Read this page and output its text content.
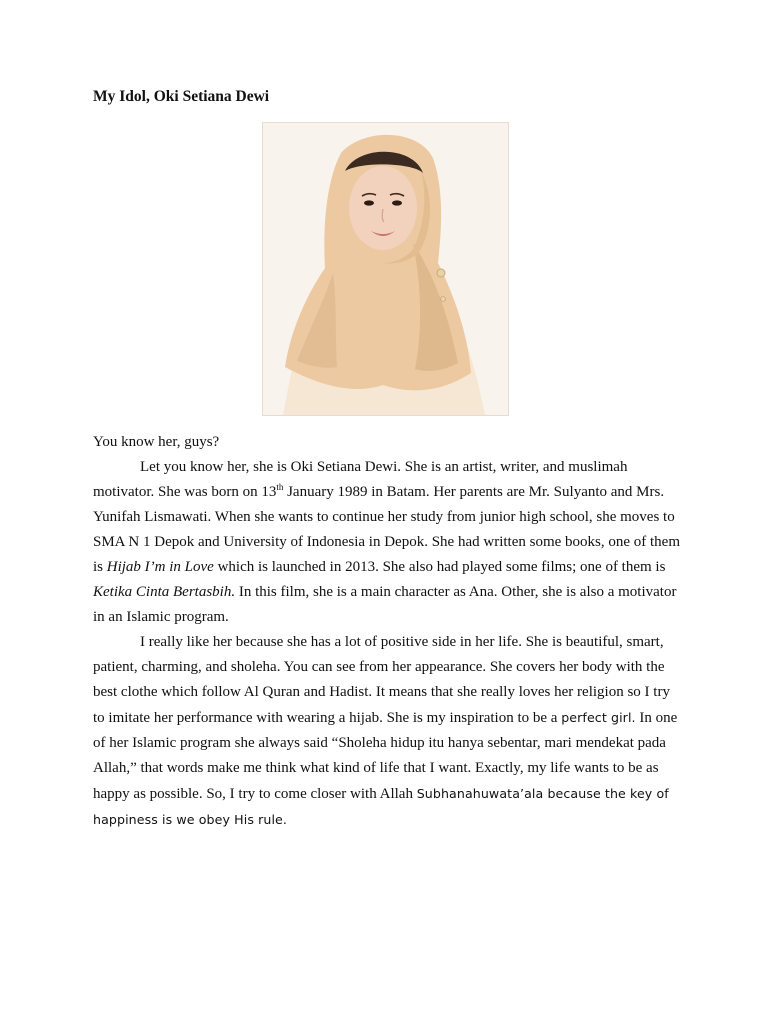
My Idol, Oki Setiana Dewi

You know her, guys?

Let you know her, she is Oki Setiana Dewi. She is an artist, writer, and muslimah motivator. She was born on 13th January 1989 in Batam. Her parents are Mr. Sulyanto and Mrs. Yunifah Lismawati. When she wants to continue her study from junior high school, she moves to SMA N 1 Depok and University of Indonesia in Depok. She had written some books, one of them is Hijab I’m in Love which is launched in 2013. She also had played some films; one of them is Ketika Cinta Bertasbih. In this film, she is a main character as Ana. Other, she is also a motivator in an Islamic program.

I really like her because she has a lot of positive side in her life. She is beautiful, smart, patient, charming, and sholeha. You can see from her appearance. She covers her body with the best clothe which follow Al Quran and Hadist. It means that she really loves her religion so I try to imitate her performance with wearing a hijab. She is my inspiration to be a perfect girl. In one of her Islamic program she always said “Sholeha hidup itu hanya sebentar, mari mendekat pada Allah,” that words make me think what kind of life that I want. Exactly, my life wants to be as happy as possible. So, I try to come closer with Allah Subhanahuwata’ala because the key of happiness is we obey His rule.
